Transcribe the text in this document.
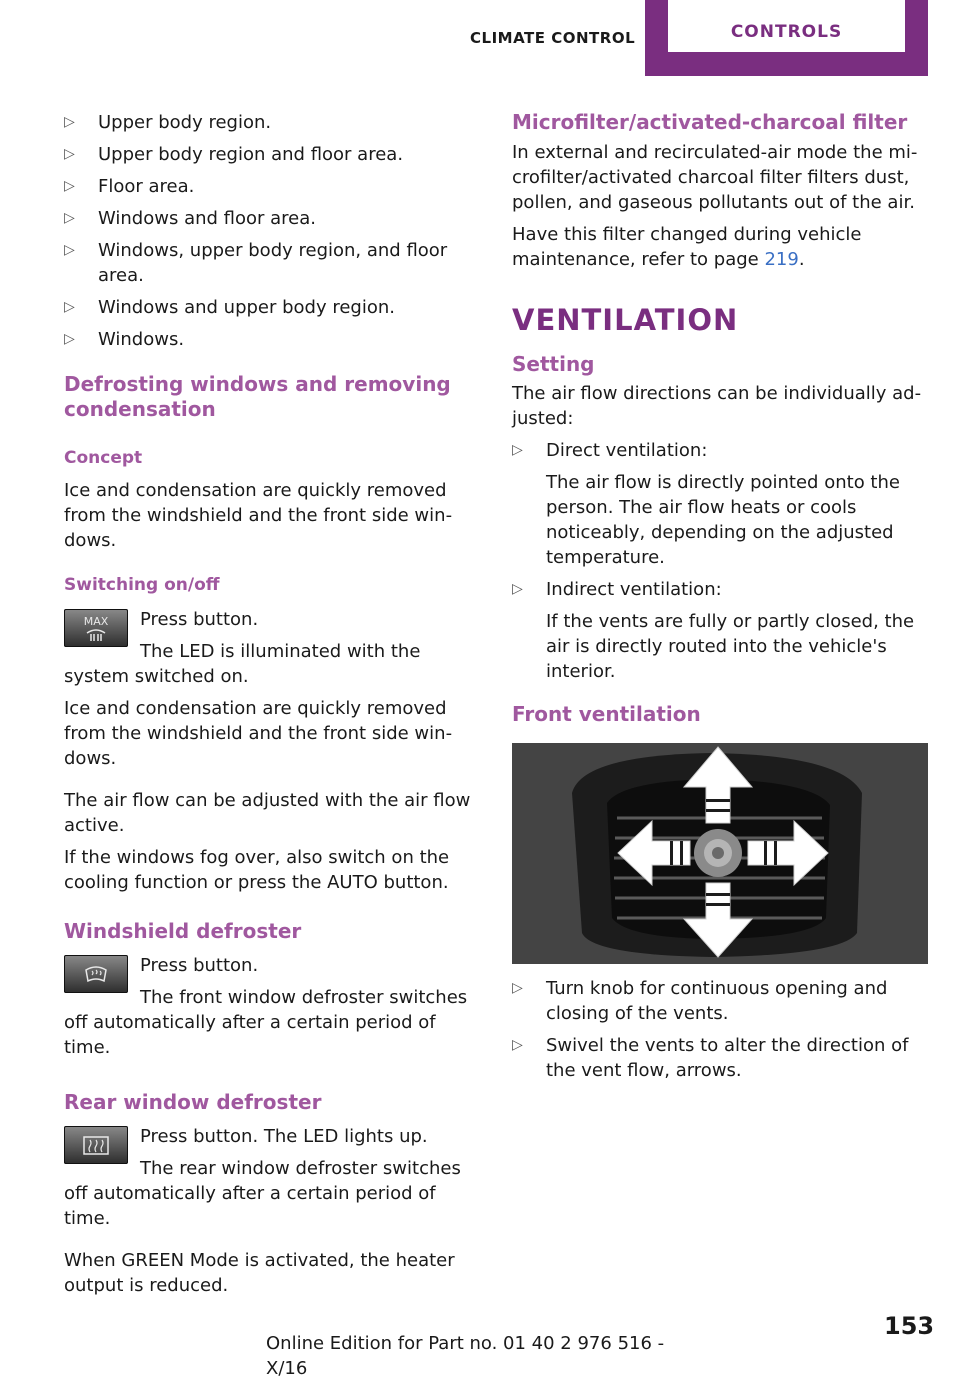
CLIMATE CONTROL	CONTROLS
▷ Upper body region.
▷ Upper body region and floor area.
▷ Floor area.
▷ Windows and floor area.
▷ Windows, upper body region, and floor area.
▷ Windows and upper body region.
▷ Windows.
Defrosting windows and removing condensation
Concept

Ice and condensation are quickly removed from the windshield and the front side windows.

Switching on/off
MAX Press button.

The LED is illuminated with the system switched on.

Ice and condensation are quickly removed from the windshield and the front side windows.

The air flow can be adjusted with the air flow active.

If the windows fog over, also switch on the cooling function or press the AUTO button.

Windshield defroster

Press button.

The front window defroster switches off automatically after a certain period of time.

Rear window defroster

Press button. The LED lights up.

The rear window defroster switches off automatically after a certain period of time.

When GREEN Mode is activated, the heater output is reduced.

Microfilter/activated-charcoal filter

In external and recirculated-air mode the microfilter/activated charcoal filter filters dust, pollen, and gaseous pollutants out of the air.

Have this filter changed during vehicle maintenance, refer to page 219.

VENTILATION
Setting

The air flow directions can be individually adjusted:

▷ Direct ventilation:

The air flow is directly pointed onto the person. The air flow heats or cools noticeably, depending on the adjusted temperature.

▷ Indirect ventilation:

If the vents are fully or partly closed, the air is directly routed into the vehicle's interior.

Front ventilation
▷ Turn knob for continuous opening and closing of the vents.
▷ Swivel the vents to alter the direction of the vent flow, arrows.
153
Online Edition for Part no. 01 40 2 976 516 - X/16
